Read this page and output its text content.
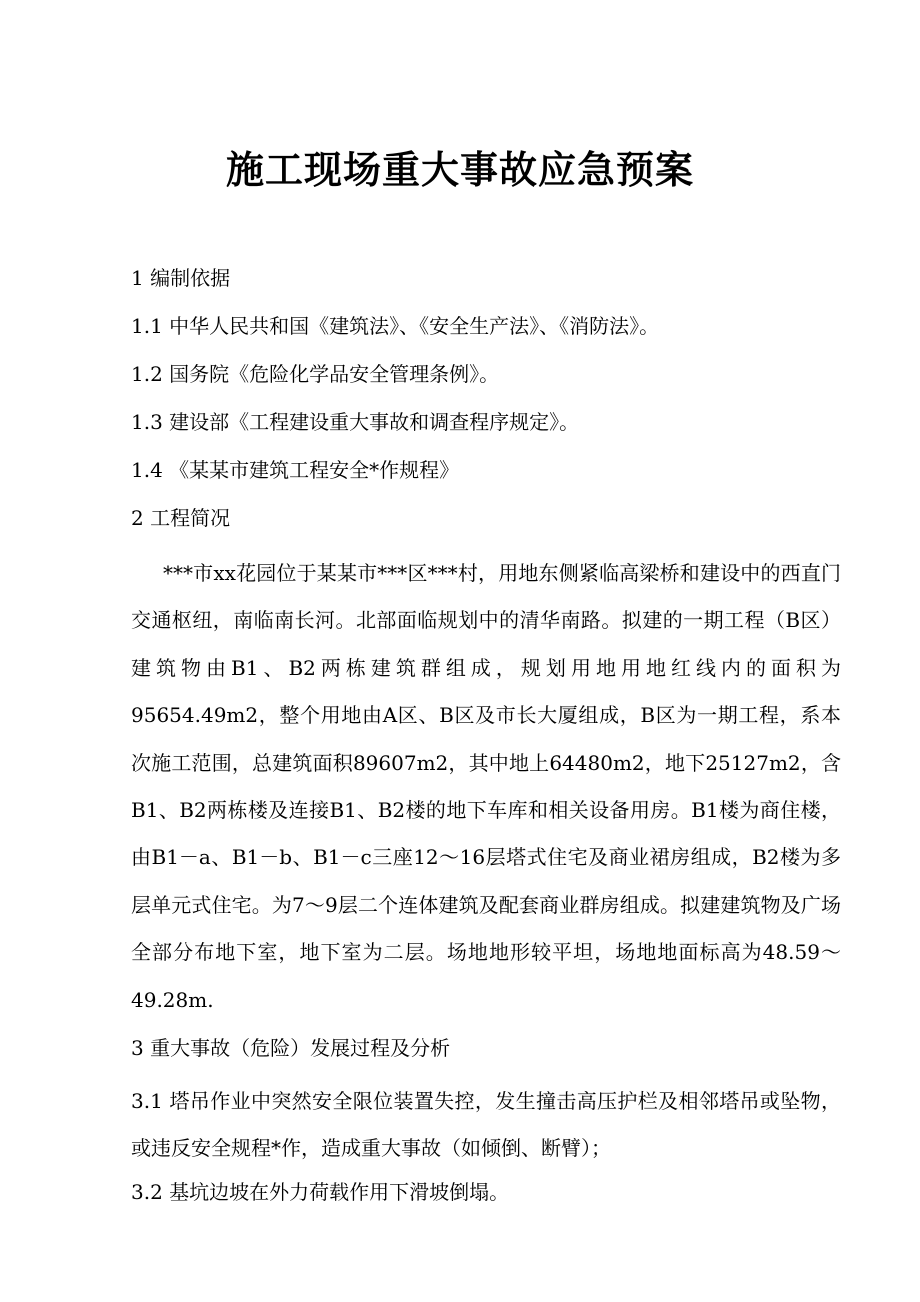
施工现场重大事故应急预案
1 编制依据
1.1 中华人民共和国《建筑法》、《安全生产法》、《消防法》。
1.2 国务院《危险化学品安全管理条例》。
1.3 建设部《工程建设重大事故和调查程序规定》。
1.4 《某某市建筑工程安全*作规程》
2 工程简况
***市xx花园位于某某市***区***村，用地东侧紧临高梁桥和建设中的西直门交通枢纽，南临南长河。北部面临规划中的清华南路。拟建的一期工程（B区）建筑物由B1、B2两栋建筑群组成，规划用地用地红线内的面积为95654.49m2，整个用地由A区、B区及市长大厦组成，B区为一期工程，系本次施工范围，总建筑面积89607m2，其中地上64480m2，地下25127m2，含B1、B2两栋楼及连接B1、B2楼的地下车库和相关设备用房。B1楼为商住楼，由B1－a、B1－b、B1－c三座12～16层塔式住宅及商业裙房组成，B2楼为多层单元式住宅。为7～9层二个连体建筑及配套商业群房组成。拟建建筑物及广场全部分布地下室，地下室为二层。场地地形较平坦，场地地面标高为48.59～49.28m.
3 重大事故（危险）发展过程及分析
3.1 塔吊作业中突然安全限位装置失控，发生撞击高压护栏及相邻塔吊或坠物，或违反安全规程*作，造成重大事故（如倾倒、断臂）；
3.2 基坑边坡在外力荷载作用下滑坡倒塌。
